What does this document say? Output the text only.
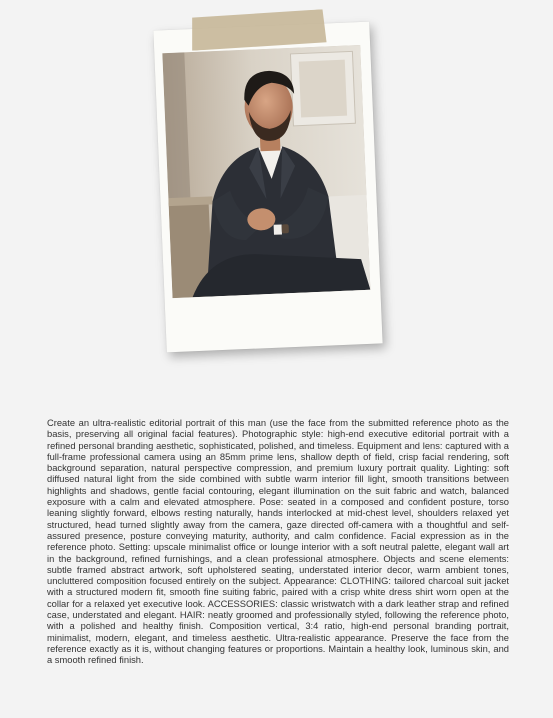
Create an ultra-realistic editorial portrait of this man (use the face from the submitted reference photo as the basis, preserving all original facial features). Photographic style: high-end executive editorial portrait with a refined personal branding aesthetic, sophisticated, polished, and timeless. Equipment and lens: captured with a full-frame professional camera using an 85mm prime lens, shallow depth of field, crisp facial rendering, soft background separation, natural perspective compression, and premium luxury portrait quality. Lighting: soft diffused natural light from the side combined with subtle warm interior fill light, smooth transitions between highlights and shadows, gentle facial contouring, elegant illumination on the suit fabric and watch, balanced exposure with a calm and elevated atmosphere. Pose: seated in a composed and confident posture, torso leaning slightly forward, elbows resting naturally, hands interlocked at mid-chest level, shoulders relaxed yet structured, head turned slightly away from the camera, gaze directed off-camera with a thoughtful and self-assured presence, posture conveying maturity, authority, and calm confidence. Facial expression as in the reference photo. Setting: upscale minimalist office or lounge interior with a soft neutral palette, elegant wall art in the background, refined furnishings, and a clean professional atmosphere. Objects and scene elements: subtle framed abstract artwork, soft upholstered seating, understated interior decor, warm ambient tones, uncluttered composition focused entirely on the subject. Appearance: CLOTHING: tailored charcoal suit jacket with a structured modern fit, smooth fine suiting fabric, paired with a crisp white dress shirt worn open at the collar for a relaxed yet executive look. ACCESSORIES: classic wristwatch with a dark leather strap and refined case, understated and elegant. HAIR: neatly groomed and professionally styled, following the reference photo, with a polished and healthy finish. Composition vertical, 3:4 ratio, high-end personal branding portrait, minimalist, modern, elegant, and timeless aesthetic. Ultra-realistic appearance. Preserve the face from the reference exactly as it is, without changing features or proportions. Maintain a healthy look, luminous skin, and a smooth refined finish.
